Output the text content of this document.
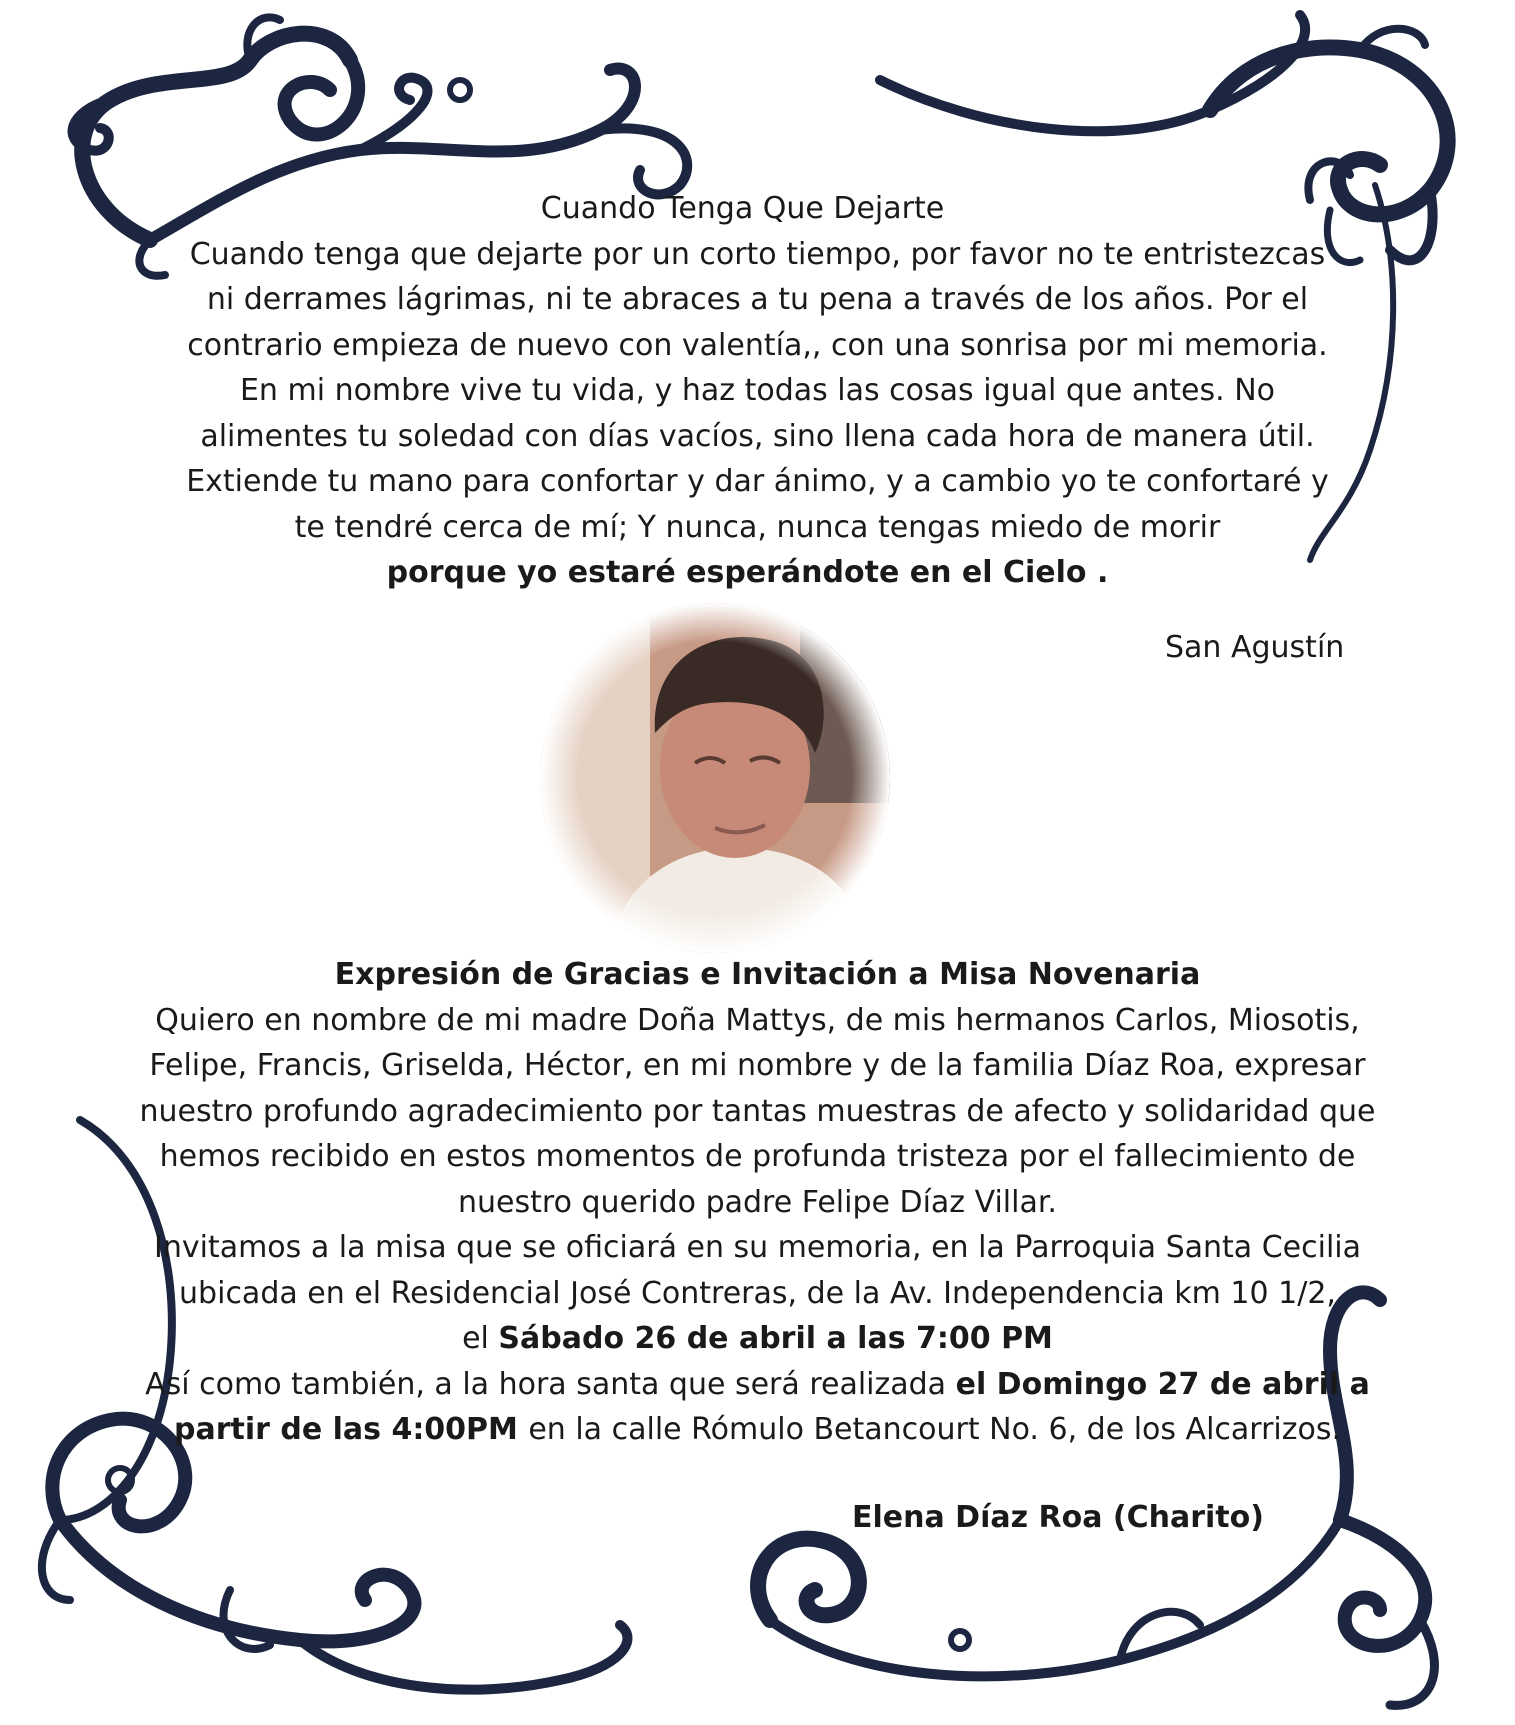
Cuando Tenga Que Dejarte
Cuando tenga que dejarte por un corto tiempo, por favor no te entristezcas
ni derrames lágrimas, ni te abraces a tu pena a través de los años. Por el
contrario empieza de nuevo con valentía,, con una sonrisa por mi memoria.
En mi nombre vive tu vida, y haz todas las cosas igual que antes. No
alimentes tu soledad con días vacíos, sino llena cada hora de manera útil.
Extiende tu mano para confortar y dar ánimo, y a cambio yo te confortaré y
te tendré cerca de mí; Y nunca, nunca tengas miedo de morir
porque yo estaré esperándote en el Cielo .
San Agustín
Expresión de Gracias e Invitación a Misa Novenaria
Quiero en nombre de mi madre Doña Mattys, de mis hermanos Carlos, Miosotis,
Felipe, Francis, Griselda, Héctor, en mi nombre y de la familia Díaz Roa, expresar
nuestro profundo agradecimiento por tantas muestras de afecto y solidaridad que
hemos recibido en estos momentos de profunda tristeza por el fallecimiento de
nuestro querido padre Felipe Díaz Villar.
Invitamos a la misa que se oficiará en su memoria, en la Parroquia Santa Cecilia
ubicada en el Residencial José Contreras, de la Av. Independencia km 10 1/2,
el Sábado 26 de abril a las 7:00 PM
Así como también, a la hora santa que será realizada el Domingo 27 de abril a
partir de las 4:00PM en la calle Rómulo Betancourt No. 6, de los Alcarrizos.
Elena Díaz Roa (Charito)
